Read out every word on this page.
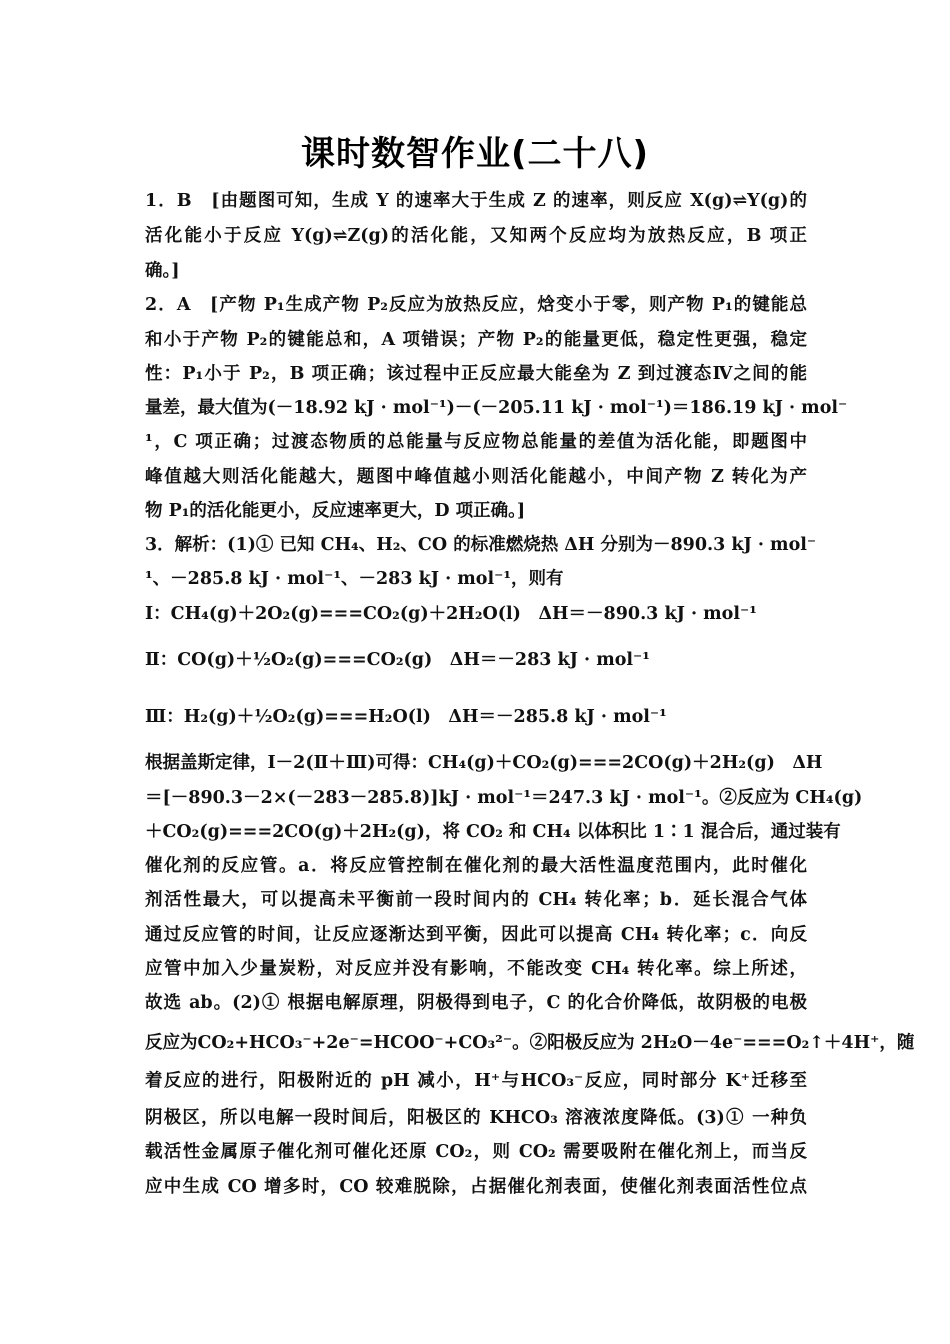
课时数智作业(二十八)
1．B　[由题图可知，生成 Y 的速率大于生成 Z 的速率，则反应 X(g)⇌Y(g)的
活化能小于反应 Y(g)⇌Z(g)的活化能，又知两个反应均为放热反应，B 项正
确。]
2．A　[产物 P₁生成产物 P₂反应为放热反应，焓变小于零，则产物 P₁的键能总
和小于产物 P₂的键能总和，A 项错误；产物 P₂的能量更低，稳定性更强，稳定
性：P₁小于 P₂，B 项正确；该过程中正反应最大能垒为 Z 到过渡态Ⅳ之间的能
量差，最大值为(－18.92 kJ · mol⁻¹)－(－205.11 kJ · mol⁻¹)＝186.19 kJ · mol⁻
¹，C 项正确；过渡态物质的总能量与反应物总能量的差值为活化能，即题图中
峰值越大则活化能越大，题图中峰值越小则活化能越小，中间产物 Z 转化为产
物 P₁的活化能更小，反应速率更大，D 项正确。]
3．解析：(1)① 已知 CH₄、H₂、CO 的标准燃烧热 ΔH 分别为－890.3 kJ · mol⁻
¹、－285.8 kJ · mol⁻¹、－283 kJ · mol⁻¹，则有
Ⅰ：CH₄(g)＋2O₂(g)===CO₂(g)＋2H₂O(l)　ΔH＝－890.3 kJ · mol⁻¹
Ⅱ：CO(g)＋½O₂(g)===CO₂(g)　ΔH＝－283 kJ · mol⁻¹
Ⅲ：H₂(g)＋½O₂(g)===H₂O(l)　ΔH＝－285.8 kJ · mol⁻¹
根据盖斯定律，Ⅰ－2(Ⅱ＋Ⅲ)可得：CH₄(g)＋CO₂(g)===2CO(g)＋2H₂(g)　ΔH
＝[－890.3－2×(－283－285.8)]kJ · mol⁻¹＝247.3 kJ · mol⁻¹。②反应为 CH₄(g)
＋CO₂(g)===2CO(g)＋2H₂(g)，将 CO₂ 和 CH₄ 以体积比 1∶1 混合后，通过装有
催化剂的反应管。a．将反应管控制在催化剂的最大活性温度范围内，此时催化
剂活性最大，可以提高未平衡前一段时间内的 CH₄ 转化率；b．延长混合气体
通过反应管的时间，让反应逐渐达到平衡，因此可以提高 CH₄ 转化率；c．向反
应管中加入少量炭粉，对反应并没有影响，不能改变 CH₄ 转化率。综上所述，
故选 ab。(2)① 根据电解原理，阴极得到电子，C 的化合价降低，故阴极的电极
反应为CO₂+HCO₃⁻+2e⁻=HCOO⁻+CO₃²⁻。②阳极反应为 2H₂O－4e⁻===O₂↑＋4H⁺，随
着反应的进行，阳极附近的 pH 减小，H⁺与HCO₃⁻反应，同时部分 K⁺迁移至
阴极区，所以电解一段时间后，阳极区的 KHCO₃ 溶液浓度降低。(3)① 一种负
载活性金属原子催化剂可催化还原 CO₂，则 CO₂ 需要吸附在催化剂上，而当反
应中生成 CO 增多时，CO 较难脱除，占据催化剂表面，使催化剂表面活性位点
